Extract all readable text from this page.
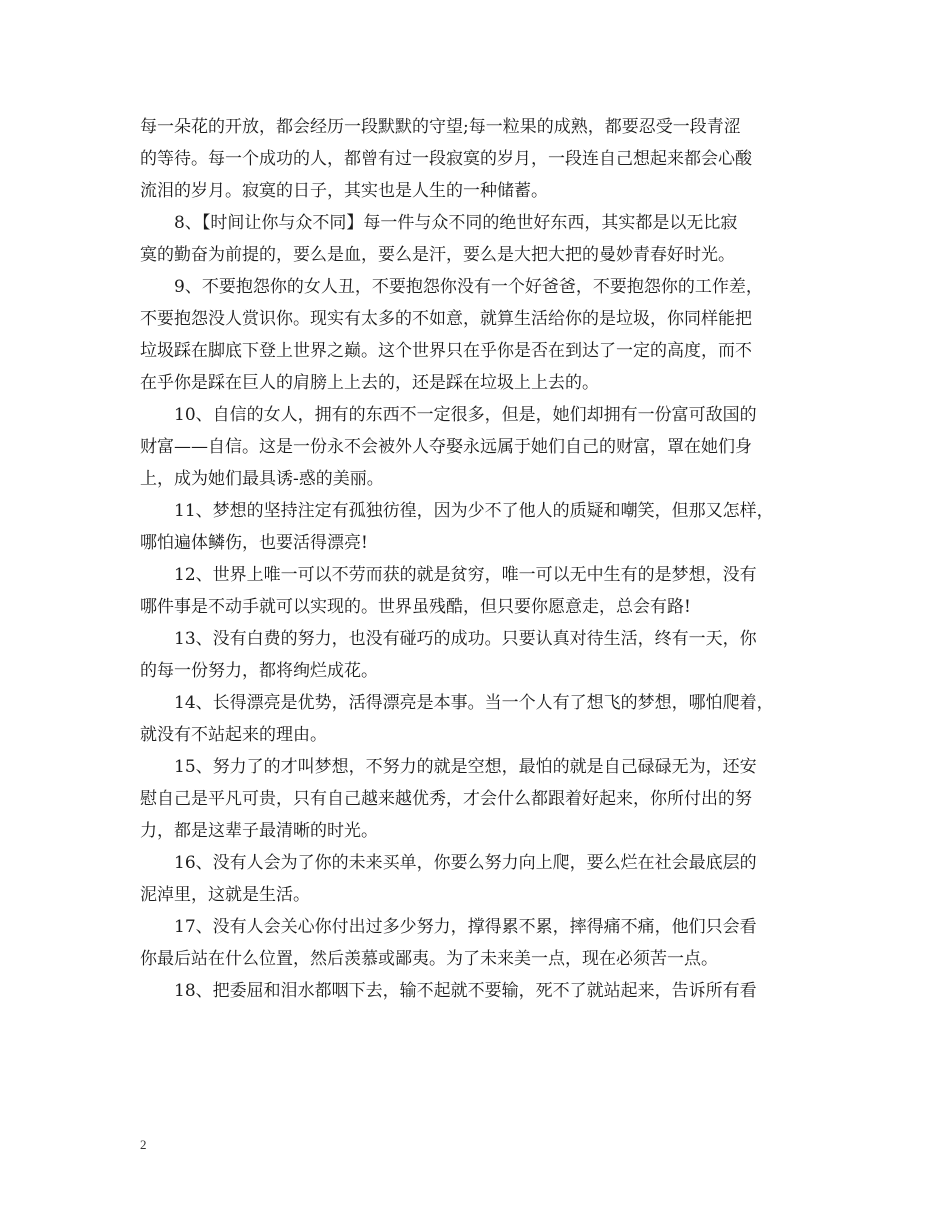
每一朵花的开放，都会经历一段默默的守望;每一粒果的成熟，都要忍受一段青涩
的等待。每一个成功的人，都曾有过一段寂寞的岁月，一段连自己想起来都会心酸
流泪的岁月。寂寞的日子，其实也是人生的一种储蓄。

　　8、【时间让你与众不同】每一件与众不同的绝世好东西，其实都是以无比寂
寞的勤奋为前提的，要么是血，要么是汗，要么是大把大把的曼妙青春好时光。

　　9、不要抱怨你的女人丑，不要抱怨你没有一个好爸爸，不要抱怨你的工作差，
不要抱怨没人赏识你。现实有太多的不如意，就算生活给你的是垃圾，你同样能把
垃圾踩在脚底下登上世界之巅。这个世界只在乎你是否在到达了一定的高度，而不
在乎你是踩在巨人的肩膀上上去的，还是踩在垃圾上上去的。

　　10、自信的女人，拥有的东西不一定很多，但是，她们却拥有一份富可敌国的
财富——自信。这是一份永不会被外人夺娶永远属于她们自己的财富，罩在她们身
上，成为她们最具诱-惑的美丽。

　　11、梦想的坚持注定有孤独彷徨，因为少不了他人的质疑和嘲笑，但那又怎样，
哪怕遍体鳞伤，也要活得漂亮!

　　12、世界上唯一可以不劳而获的就是贫穷，唯一可以无中生有的是梦想，没有
哪件事是不动手就可以实现的。世界虽残酷，但只要你愿意走，总会有路!

　　13、没有白费的努力，也没有碰巧的成功。只要认真对待生活，终有一天，你
的每一份努力，都将绚烂成花。

　　14、长得漂亮是优势，活得漂亮是本事。当一个人有了想飞的梦想，哪怕爬着，
就没有不站起来的理由。

　　15、努力了的才叫梦想，不努力的就是空想，最怕的就是自己碌碌无为，还安
慰自己是平凡可贵，只有自己越来越优秀，才会什么都跟着好起来，你所付出的努
力，都是这辈子最清晰的时光。

　　16、没有人会为了你的未来买单，你要么努力向上爬，要么烂在社会最底层的
泥淖里，这就是生活。

　　17、没有人会关心你付出过多少努力，撑得累不累，摔得痛不痛，他们只会看
你最后站在什么位置，然后羡慕或鄙夷。为了未来美一点，现在必须苦一点。

　　18、把委屈和泪水都咽下去，输不起就不要输，死不了就站起来，告诉所有看

2
